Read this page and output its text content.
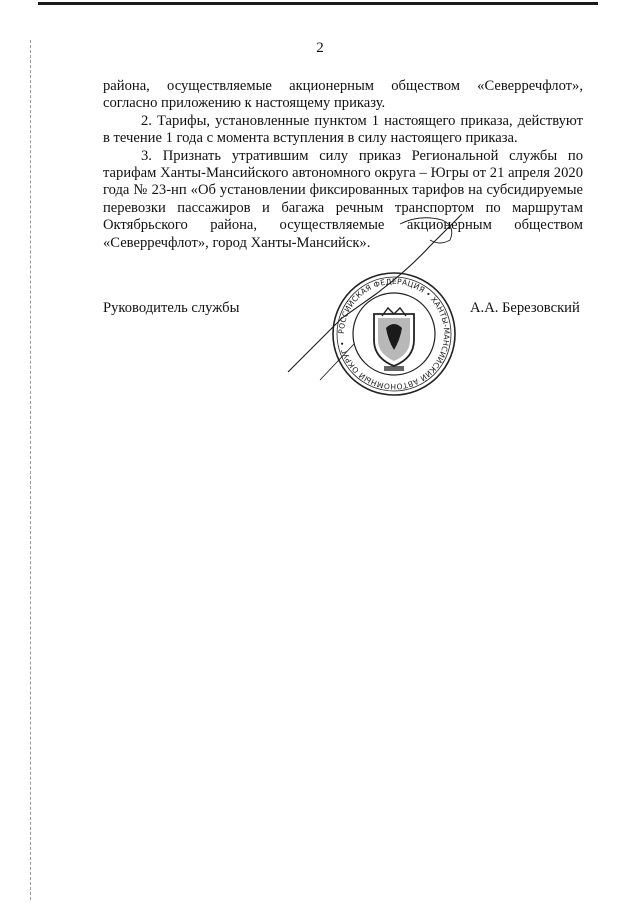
2

района, осуществляемые акционерным обществом «Северречфлот», согласно приложению к настоящему приказу.

2. Тарифы, установленные пунктом 1 настоящего приказа, действуют в течение 1 года с момента вступления в силу настоящего приказа.

3. Признать утратившим силу приказ Региональной службы по тарифам Ханты-Мансийского автономного округа – Югры от 21 апреля 2020 года № 23-нп «Об установлении фиксированных тарифов на субсидируемые перевозки пассажиров и багажа речным транспортом по маршрутам Октябрьского района, осуществляемые акционерным обществом «Северречфлот», город Ханты-Мансийск».

Руководитель службы	А.А. Березовский
РОССИЙСКАЯ ФЕДЕРАЦИЯ • ХАНТЫ-МАНСИЙСКИЙ АВТОНОМНЫЙ ОКРУГ •
